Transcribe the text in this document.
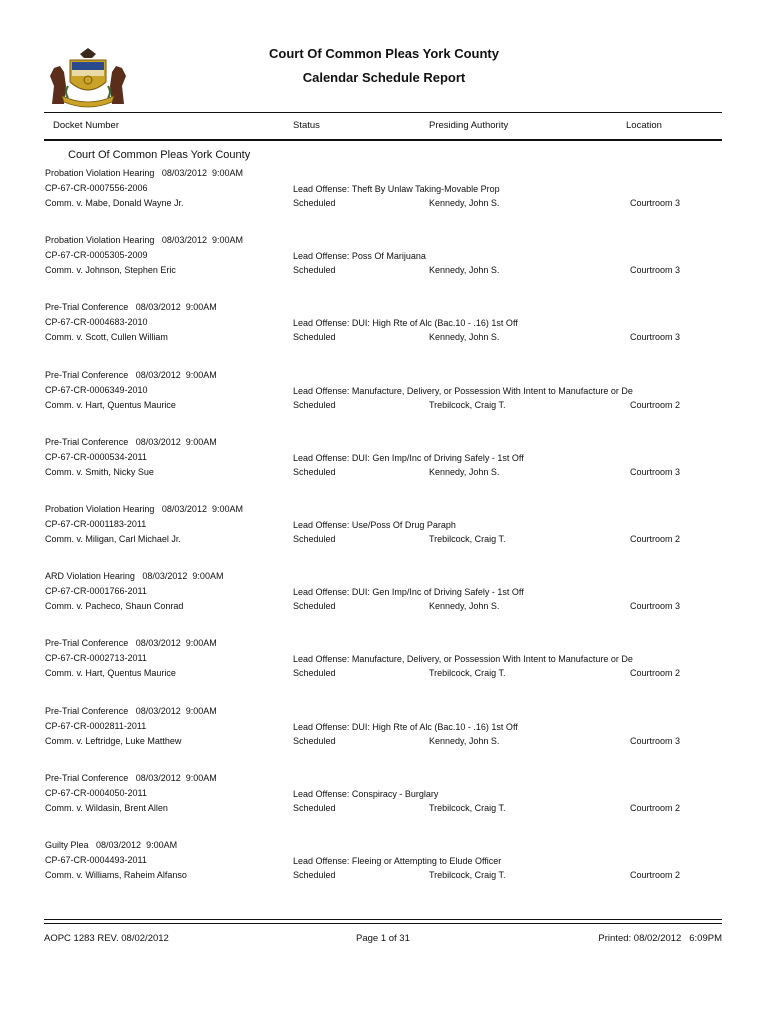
Court Of Common Pleas York County
Calendar Schedule Report
Docket Number	Status	Presiding Authority	Location
Court Of Common Pleas York County
Probation Violation Hearing   08/03/2012  9:00AM
CP-67-CR-0007556-2006
Comm. v. Mabe, Donald Wayne Jr.
Lead Offense: Theft By Unlaw Taking-Movable Prop
Scheduled	Kennedy, John S.	Courtroom 3
Probation Violation Hearing   08/03/2012  9:00AM
CP-67-CR-0005305-2009
Comm. v. Johnson, Stephen Eric
Lead Offense: Poss Of Marijuana
Scheduled	Kennedy, John S.	Courtroom 3
Pre-Trial Conference   08/03/2012  9:00AM
CP-67-CR-0004683-2010
Comm. v. Scott, Cullen William
Lead Offense: DUI: High Rte of Alc (Bac.10 - .16) 1st Off
Scheduled	Kennedy, John S.	Courtroom 3
Pre-Trial Conference   08/03/2012  9:00AM
CP-67-CR-0006349-2010
Comm. v. Hart, Quentus Maurice
Lead Offense: Manufacture, Delivery, or Possession With Intent to Manufacture or De
Scheduled	Trebilcock, Craig T.	Courtroom 2
Pre-Trial Conference   08/03/2012  9:00AM
CP-67-CR-0000534-2011
Comm. v. Smith, Nicky Sue
Lead Offense: DUI: Gen Imp/Inc of Driving Safely - 1st Off
Scheduled	Kennedy, John S.	Courtroom 3
Probation Violation Hearing   08/03/2012  9:00AM
CP-67-CR-0001183-2011
Comm. v. Miligan, Carl Michael Jr.
Lead Offense: Use/Poss Of Drug Paraph
Scheduled	Trebilcock, Craig T.	Courtroom 2
ARD Violation Hearing   08/03/2012  9:00AM
CP-67-CR-0001766-2011
Comm. v. Pacheco, Shaun Conrad
Lead Offense: DUI: Gen Imp/Inc of Driving Safely - 1st Off
Scheduled	Kennedy, John S.	Courtroom 3
Pre-Trial Conference   08/03/2012  9:00AM
CP-67-CR-0002713-2011
Comm. v. Hart, Quentus Maurice
Lead Offense: Manufacture, Delivery, or Possession With Intent to Manufacture or De
Scheduled	Trebilcock, Craig T.	Courtroom 2
Pre-Trial Conference   08/03/2012  9:00AM
CP-67-CR-0002811-2011
Comm. v. Leftridge, Luke Matthew
Lead Offense: DUI: High Rte of Alc (Bac.10 - .16) 1st Off
Scheduled	Kennedy, John S.	Courtroom 3
Pre-Trial Conference   08/03/2012  9:00AM
CP-67-CR-0004050-2011
Comm. v. Wildasin, Brent Allen
Lead Offense: Conspiracy - Burglary
Scheduled	Trebilcock, Craig T.	Courtroom 2
Guilty Plea   08/03/2012  9:00AM
CP-67-CR-0004493-2011
Comm. v. Williams, Raheim Alfanso
Lead Offense: Fleeing or Attempting to Elude Officer
Scheduled	Trebilcock, Craig T.	Courtroom 2
AOPC 1283 REV. 08/02/2012	Page 1 of 31	Printed: 08/02/2012   6:09PM
